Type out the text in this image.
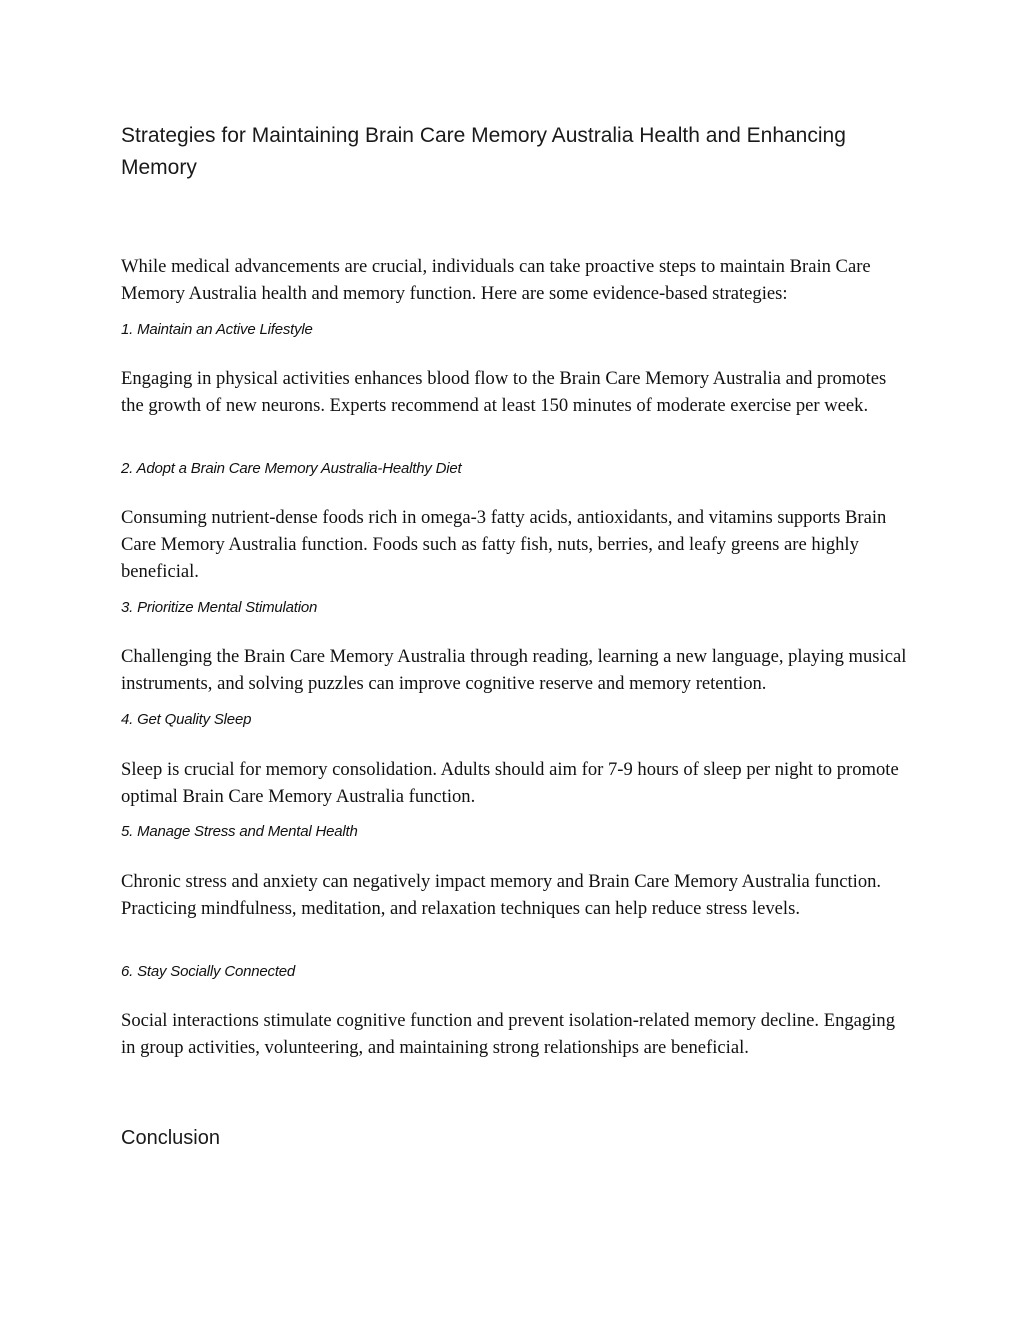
Strategies for Maintaining Brain Care Memory Australia Health and Enhancing Memory

While medical advancements are crucial, individuals can take proactive steps to maintain Brain Care Memory Australia health and memory function. Here are some evidence-based strategies:

1. Maintain an Active Lifestyle

Engaging in physical activities enhances blood flow to the Brain Care Memory Australia and promotes the growth of new neurons. Experts recommend at least 150 minutes of moderate exercise per week.

2. Adopt a Brain Care Memory Australia-Healthy Diet

Consuming nutrient-dense foods rich in omega-3 fatty acids, antioxidants, and vitamins supports Brain Care Memory Australia function. Foods such as fatty fish, nuts, berries, and leafy greens are highly beneficial.

3. Prioritize Mental Stimulation

Challenging the Brain Care Memory Australia through reading, learning a new language, playing musical instruments, and solving puzzles can improve cognitive reserve and memory retention.

4. Get Quality Sleep

Sleep is crucial for memory consolidation. Adults should aim for 7-9 hours of sleep per night to promote optimal Brain Care Memory Australia function.

5. Manage Stress and Mental Health

Chronic stress and anxiety can negatively impact memory and Brain Care Memory Australia function. Practicing mindfulness, meditation, and relaxation techniques can help reduce stress levels.

6. Stay Socially Connected

Social interactions stimulate cognitive function and prevent isolation-related memory decline. Engaging in group activities, volunteering, and maintaining strong relationships are beneficial.

Conclusion
